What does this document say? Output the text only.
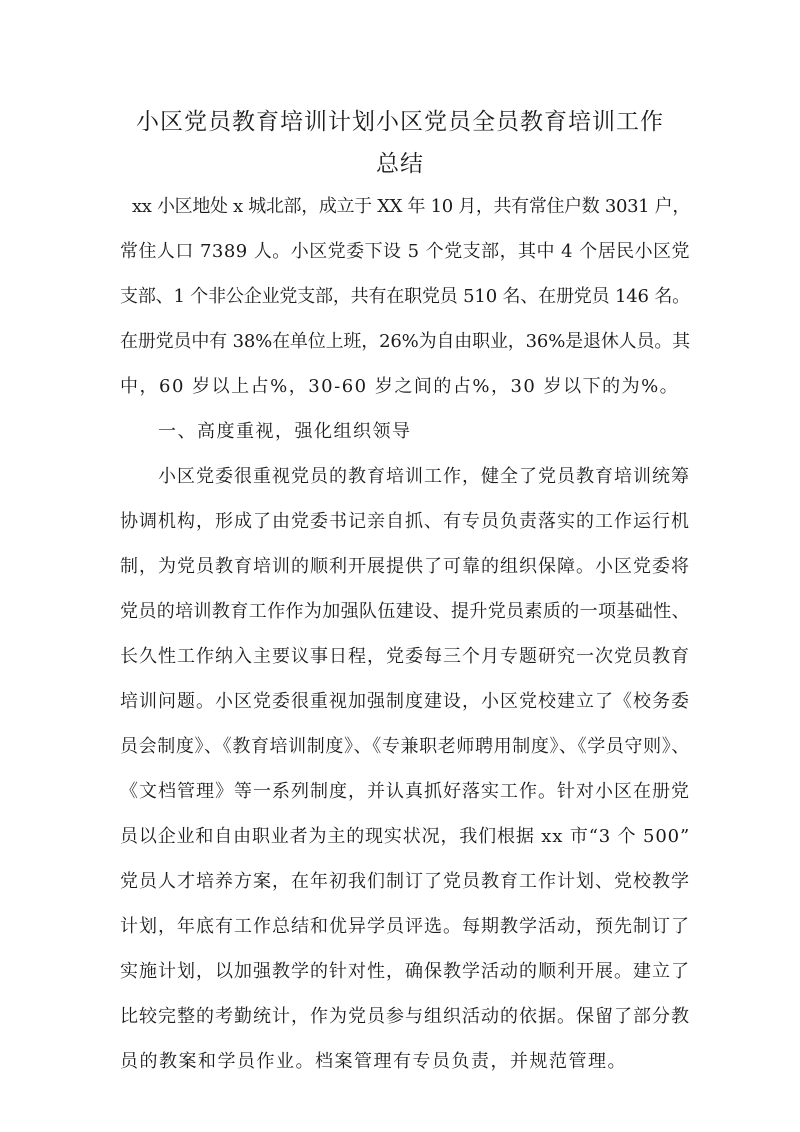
小区党员教育培训计划小区党员全员教育培训工作
总结
xx 小区地处 x 城北部，成立于 XX 年 10 月，共有常住户数 3031 户，
常住人口 7389 人。小区党委下设 5 个党支部，其中 4 个居民小区党
支部、1 个非公企业党支部，共有在职党员 510 名、在册党员 146 名。
在册党员中有 38%在单位上班，26%为自由职业，36%是退休人员。其
中，60 岁以上占%，30-60 岁之间的占%，30 岁以下的为%。
一、高度重视，强化组织领导
小区党委很重视党员的教育培训工作，健全了党员教育培训统筹
协调机构，形成了由党委书记亲自抓、有专员负责落实的工作运行机
制，为党员教育培训的顺利开展提供了可靠的组织保障。小区党委将
党员的培训教育工作作为加强队伍建设、提升党员素质的一项基础性、
长久性工作纳入主要议事日程，党委每三个月专题研究一次党员教育
培训问题。小区党委很重视加强制度建设，小区党校建立了《校务委
员会制度》、《教育培训制度》、《专兼职老师聘用制度》、《学员守则》、
《文档管理》等一系列制度，并认真抓好落实工作。针对小区在册党
员以企业和自由职业者为主的现实状况，我们根据 xx 市“3 个 500”
党员人才培养方案，在年初我们制订了党员教育工作计划、党校教学
计划，年底有工作总结和优异学员评选。每期教学活动，预先制订了
实施计划，以加强教学的针对性，确保教学活动的顺利开展。建立了
比较完整的考勤统计，作为党员参与组织活动的依据。保留了部分教
员的教案和学员作业。档案管理有专员负责，并规范管理。
